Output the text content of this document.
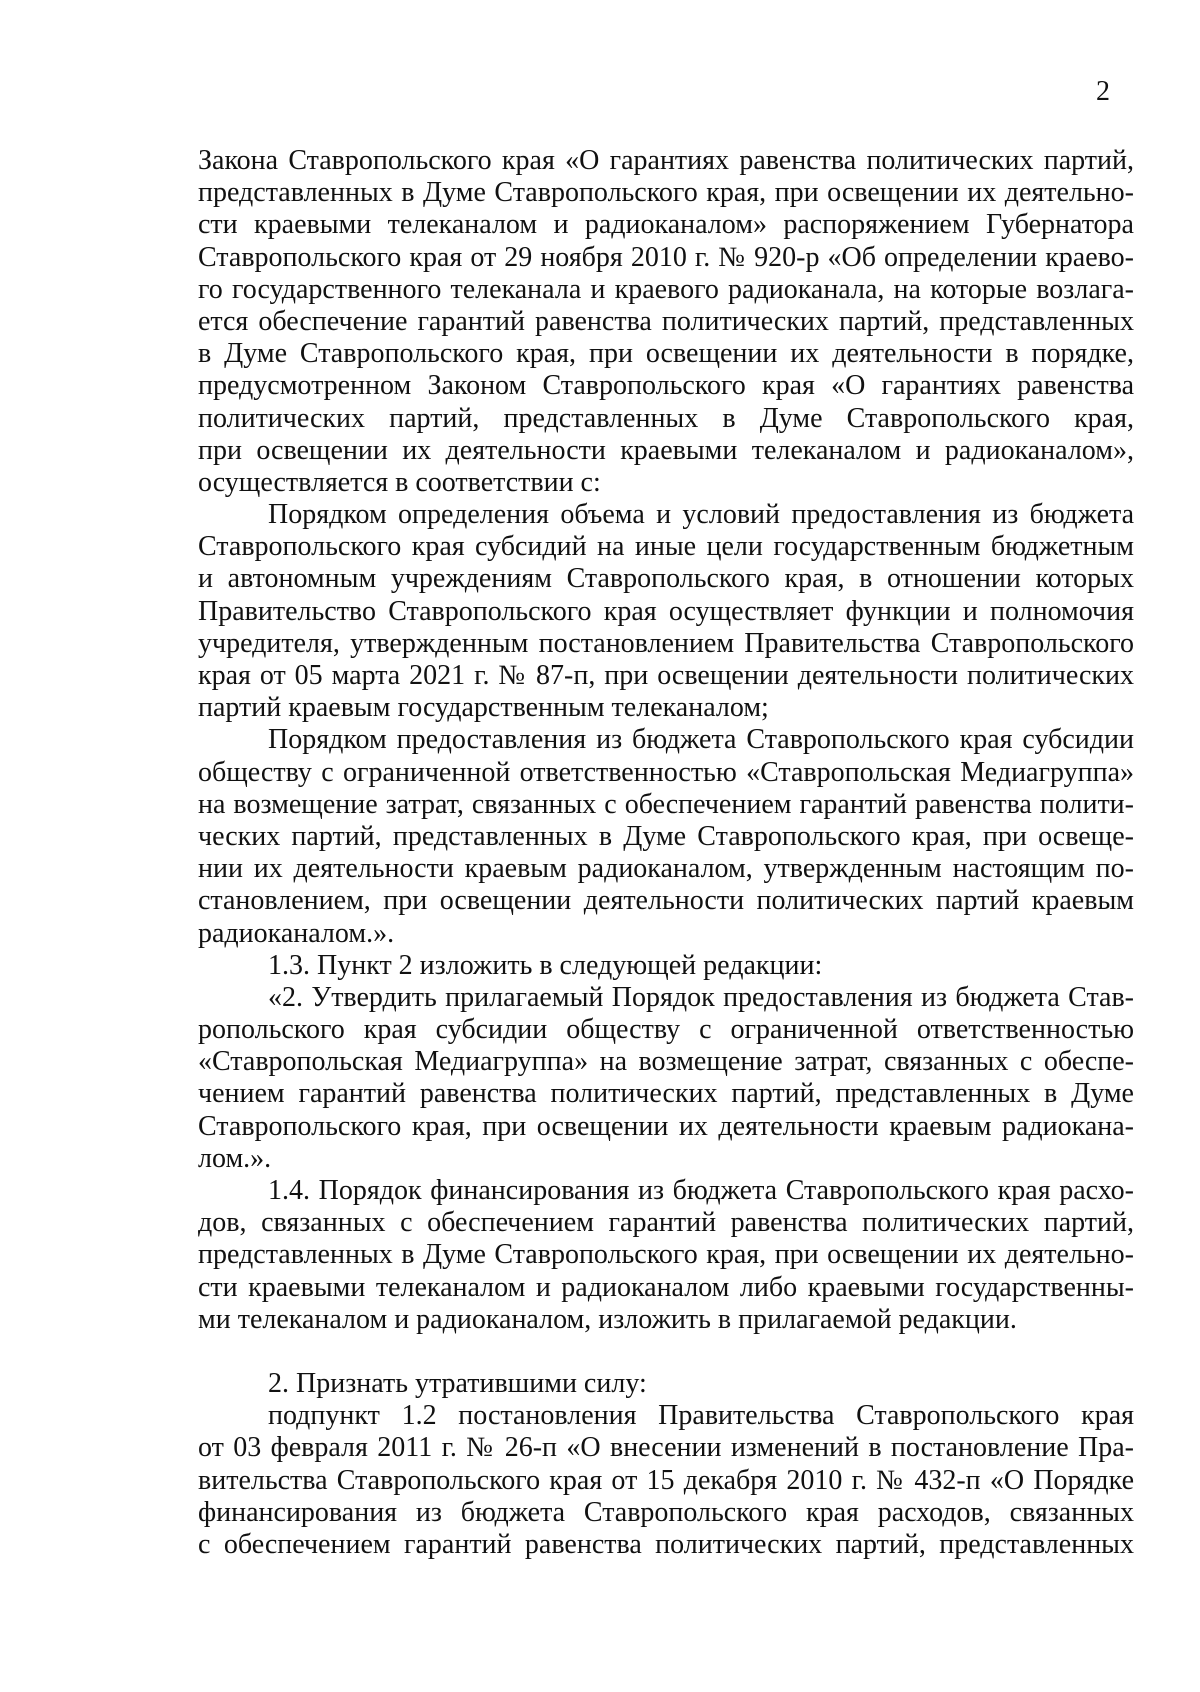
2
Закона Ставропольского края «О гарантиях равенства политических партий,
представленных в Думе Ставропольского края, при освещении их деятельно-
сти краевыми телеканалом и радиоканалом» распоряжением Губернатора
Ставропольского края от 29 ноября 2010 г. № 920-р «Об определении краево-
го государственного телеканала и краевого радиоканала, на которые возлага-
ется обеспечение гарантий равенства политических партий, представленных
в Думе Ставропольского края, при освещении их деятельности в порядке,
предусмотренном Законом Ставропольского края «О гарантиях равенства
политических партий, представленных в Думе Ставропольского края,
при освещении их деятельности краевыми телеканалом и радиоканалом»,
осуществляется в соответствии с:
Порядком определения объема и условий предоставления из бюджета
Ставропольского края субсидий на иные цели государственным бюджетным
и автономным учреждениям Ставропольского края, в отношении которых
Правительство Ставропольского края осуществляет функции и полномочия
учредителя, утвержденным постановлением Правительства Ставропольского
края от 05 марта 2021 г. № 87-п, при освещении деятельности политических
партий краевым государственным телеканалом;
Порядком предоставления из бюджета Ставропольского края субсидии
обществу с ограниченной ответственностью «Ставропольская Медиагруппа»
на возмещение затрат, связанных с обеспечением гарантий равенства полити-
ческих партий, представленных в Думе Ставропольского края, при освеще-
нии их деятельности краевым радиоканалом, утвержденным настоящим по-
становлением, при освещении деятельности политических партий краевым
радиоканалом.».
1.3. Пункт 2 изложить в следующей редакции:
«2. Утвердить прилагаемый Порядок предоставления из бюджета Став-
ропольского края субсидии обществу с ограниченной ответственностью
«Ставропольская Медиагруппа» на возмещение затрат, связанных с обеспе-
чением гарантий равенства политических партий, представленных в Думе
Ставропольского края, при освещении их деятельности краевым радиокана-
лом.».
1.4. Порядок финансирования из бюджета Ставропольского края расхо-
дов, связанных с обеспечением гарантий равенства политических партий,
представленных в Думе Ставропольского края, при освещении их деятельно-
сти краевыми телеканалом и радиоканалом либо краевыми государственны-
ми телеканалом и радиоканалом, изложить в прилагаемой редакции.
2. Признать утратившими силу:
подпункт 1.2 постановления Правительства Ставропольского края
от 03 февраля 2011 г. № 26-п «О внесении изменений в постановление Пра-
вительства Ставропольского края от 15 декабря 2010 г. № 432-п «О Порядке
финансирования из бюджета Ставропольского края расходов, связанных
с обеспечением гарантий равенства политических партий, представленных
